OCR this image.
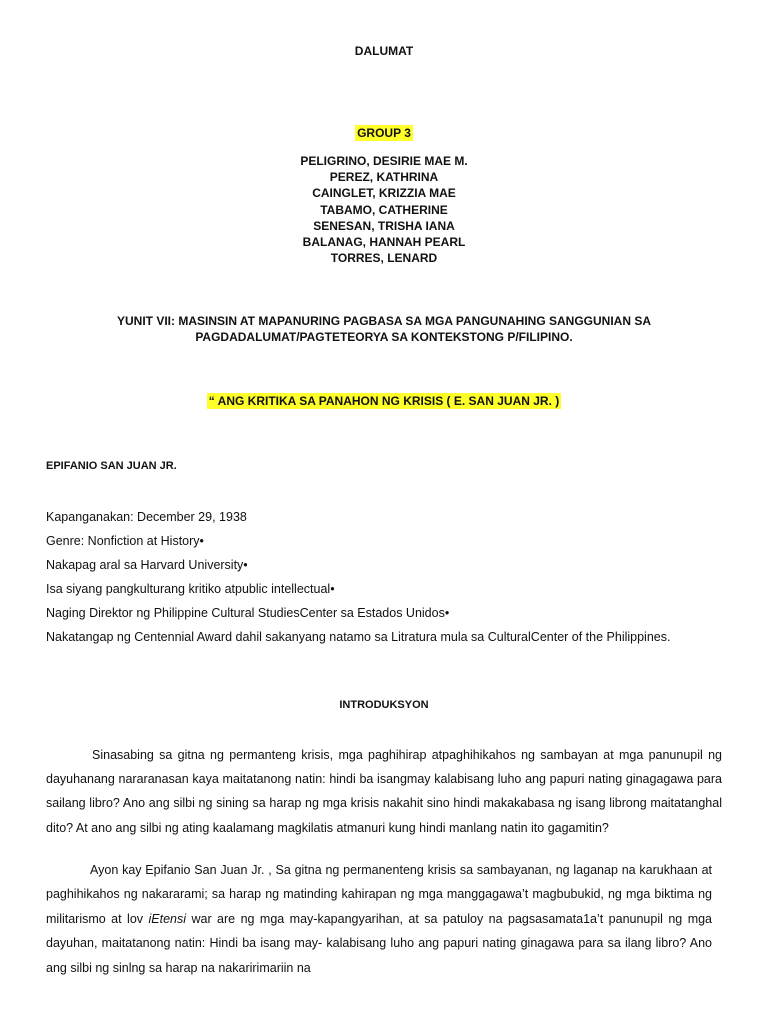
DALUMAT
GROUP 3
PELIGRINO, DESIRIE MAE M.
PEREZ, KATHRINA
CAINGLET, KRIZZIA MAE
TABAMO, CATHERINE
SENESAN, TRISHA IANA
BALANAG, HANNAH PEARL
TORRES, LENARD
YUNIT VII: MASINSIN AT MAPANURING PAGBASA SA MGA PANGUNAHING SANGGUNIAN SA
PAGDADALUMAT/PAGTETEORYA SA KONTEKSTONG P/FILIPINO.
“ ANG KRITIKA SA PANAHON NG KRISIS ( E. SAN JUAN JR. )
EPIFANIO SAN JUAN JR.
Kapanganakan: December 29, 1938
Genre: Nonfiction at History•
Nakapag aral sa Harvard University•
Isa siyang pangkulturang kritiko atpublic intellectual•
Naging Direktor ng Philippine Cultural StudiesCenter sa Estados Unidos•
Nakatangap ng Centennial Award dahil sakanyang natamo sa Litratura mula sa CulturalCenter of the Philippines.
INTRODUKSYON

Sinasabing sa gitna ng permanteng krisis, mga paghihirap atpaghihikahos ng sambayan at mga panunupil ng dayuhanang nararanasan kaya maitatanong natin: hindi ba isangmay kalabisang luho ang papuri nating ginagagawa para sailang libro? Ano ang silbi ng sining sa harap ng mga krisis nakahit sino hindi makakabasa ng isang librong maitatanghal dito? At ano ang silbi ng ating kaalamang magkilatis atmanuri kung hindi manlang natin ito gagamitin?

Ayon kay Epifanio San Juan Jr. , Sa gitna ng permanenteng krisis sa sambayanan, ng laganap na karukhaan at paghihikahos ng nakararami; sa harap ng matinding kahirapan ng mga manggagawa’t magbubukid, ng mga biktima ng militarismo at lov iEtensi war are ng mga may-kapangyarihan, at sa patuloy na pagsasamata1a’t panunupil ng mga dayuhan, maitatanong natin: Hindi ba isang may- kalabisang luho ang papuri nating ginagawa para sa ilang libro? Ano ang silbi ng sinlng sa harap na nakaririmariin na
